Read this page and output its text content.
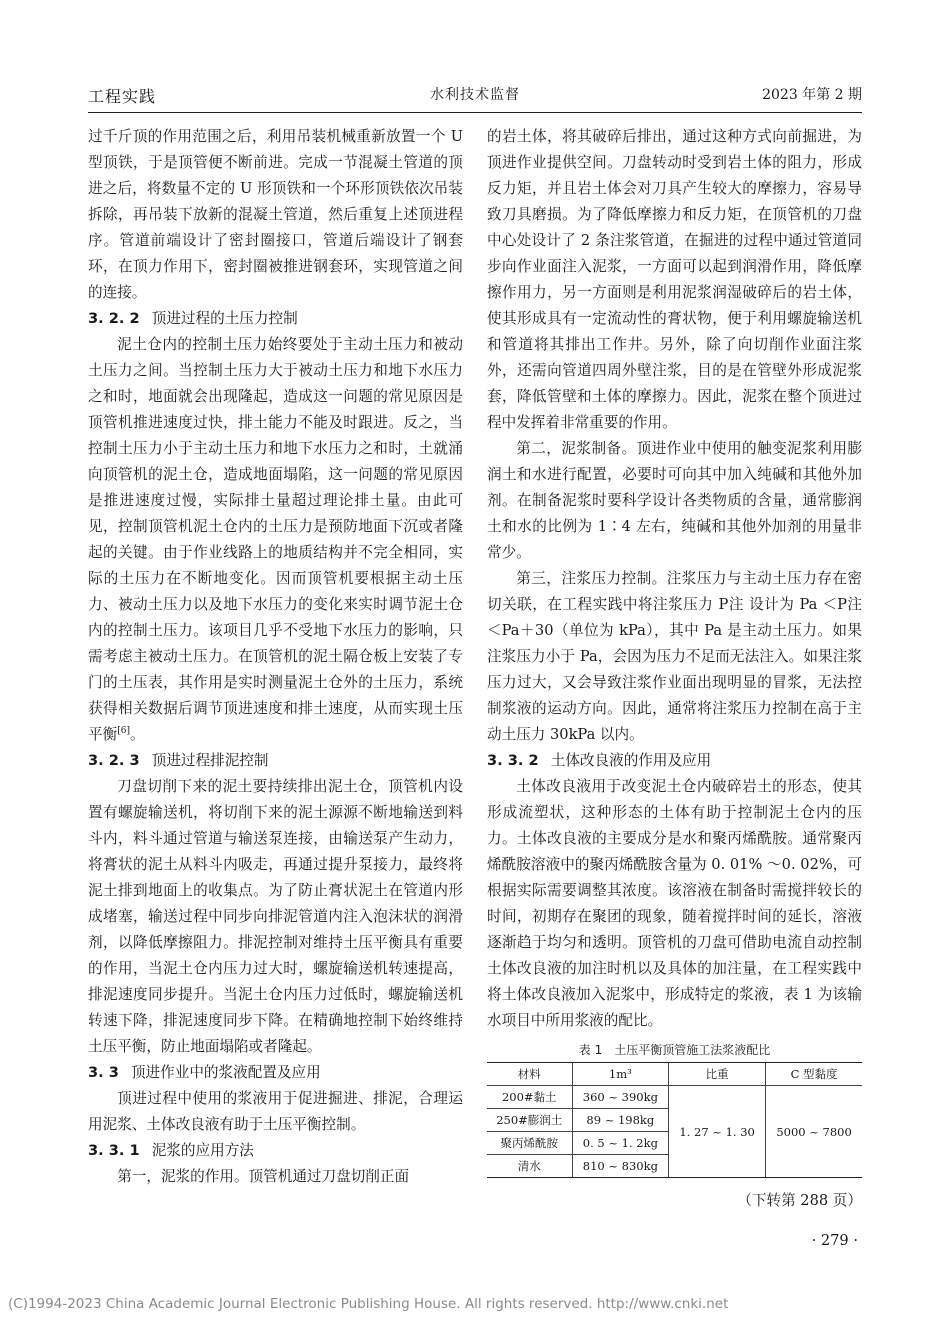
工程实践	水利技术监督	2023 年第 2 期

过千斤顶的作用范围之后，利用吊装机械重新放置一个 U 型顶铁，于是顶管便不断前进。完成一节混凝土管道的顶进之后，将数量不定的 U 形顶铁和一个环形顶铁依次吊装拆除，再吊装下放新的混凝土管道，然后重复上述顶进程序。管道前端设计了密封圈接口，管道后端设计了钢套环，在顶力作用下，密封圈被推进钢套环，实现管道之间的连接。

3. 2. 2 顶进过程的土压力控制

泥土仓内的控制土压力始终要处于主动土压力和被动土压力之间。当控制土压力大于被动土压力和地下水压力之和时，地面就会出现隆起，造成这一问题的常见原因是顶管机推进速度过快，排土能力不能及时跟进。反之，当控制土压力小于主动土压力和地下水压力之和时，土就涌向顶管机的泥土仓，造成地面塌陷，这一问题的常见原因是推进速度过慢，实际排土量超过理论排土量。由此可见，控制顶管机泥土仓内的土压力是预防地面下沉或者隆起的关键。由于作业线路上的地质结构并不完全相同，实际的土压力在不断地变化。因而顶管机要根据主动土压力、被动土压力以及地下水压力的变化来实时调节泥土仓内的控制土压力。该项目几乎不受地下水压力的影响，只需考虑主被动土压力。在顶管机的泥土隔仓板上安装了专门的土压表，其作用是实时测量泥土仓外的土压力，系统获得相关数据后调节顶进速度和排土速度，从而实现土压平衡[6]。

3. 2. 3 顶进过程排泥控制

刀盘切削下来的泥土要持续排出泥土仓，顶管机内设置有螺旋输送机，将切削下来的泥土源源不断地输送到料斗内，料斗通过管道与输送泵连接，由输送泵产生动力，将膏状的泥土从料斗内吸走，再通过提升泵接力，最终将泥土排到地面上的收集点。为了防止膏状泥土在管道内形成堵塞，输送过程中同步向排泥管道内注入泡沫状的润滑剂，以降低摩擦阻力。排泥控制对维持土压平衡具有重要的作用，当泥土仓内压力过大时，螺旋输送机转速提高，排泥速度同步提升。当泥土仓内压力过低时，螺旋输送机转速下降，排泥速度同步下降。在精确地控制下始终维持土压平衡，防止地面塌陷或者隆起。

3. 3 顶进作业中的浆液配置及应用

顶进过程中使用的浆液用于促进掘进、排泥，合理运用泥浆、土体改良液有助于土压平衡控制。

3. 3. 1 泥浆的应用方法

第一，泥浆的作用。顶管机通过刀盘切削正面

的岩土体，将其破碎后排出，通过这种方式向前掘进，为顶进作业提供空间。刀盘转动时受到岩土体的阻力，形成反力矩，并且岩土体会对刀具产生较大的摩擦力，容易导致刀具磨损。为了降低摩擦力和反力矩，在顶管机的刀盘中心处设计了 2 条注浆管道，在掘进的过程中通过管道同步向作业面注入泥浆，一方面可以起到润滑作用，降低摩擦作用力，另一方面则是利用泥浆润湿破碎后的岩土体，使其形成具有一定流动性的膏状物，便于利用螺旋输送机和管道将其排出工作井。另外，除了向切削作业面注浆外，还需向管道四周外壁注浆，目的是在管壁外形成泥浆套，降低管壁和土体的摩擦力。因此，泥浆在整个顶进过程中发挥着非常重要的作用。

第二，泥浆制备。顶进作业中使用的触变泥浆利用膨润土和水进行配置，必要时可向其中加入纯碱和其他外加剂。在制备泥浆时要科学设计各类物质的含量，通常膨润土和水的比例为 1∶4 左右，纯碱和其他外加剂的用量非常少。

第三，注浆压力控制。注浆压力与主动土压力存在密切关联，在工程实践中将注浆压力 P注 设计为 Pa ＜P注＜Pa＋30（单位为 kPa），其中 Pa 是主动土压力。如果注浆压力小于 Pa，会因为压力不足而无法注入。如果注浆压力过大，又会导致注浆作业面出现明显的冒浆，无法控制浆液的运动方向。因此，通常将注浆压力控制在高于主动土压力 30kPa 以内。

3. 3. 2 土体改良液的作用及应用

土体改良液用于改变泥土仓内破碎岩土的形态，使其形成流塑状，这种形态的土体有助于控制泥土仓内的压力。土体改良液的主要成分是水和聚丙烯酰胺。通常聚丙烯酰胺溶液中的聚丙烯酰胺含量为 0. 01% ～0. 02%，可根据实际需要调整其浓度。该溶液在制备时需搅拌较长的时间，初期存在聚团的现象，随着搅拌时间的延长，溶液逐渐趋于均匀和透明。顶管机的刀盘可借助电流自动控制土体改良液的加注时机以及具体的加注量，在工程实践中将土体改良液加入泥浆中，形成特定的浆液，表 1 为该输水项目中所用浆液的配比。

表 1　土压平衡顶管施工法浆液配比
材料	1m³	比重	C 型黏度
200#黏土	360 ~ 390kg	1. 27 ~ 1. 30	5000 ~ 7800
250#膨润土	89 ~ 198kg		
聚丙烯酰胺	0. 5 ~ 1. 2kg		
清水	810 ~ 830kg		
（下转第 288 页）
· 279 ·
(C)1994-2023 China Academic Journal Electronic Publishing House. All rights reserved. http://www.cnki.net
